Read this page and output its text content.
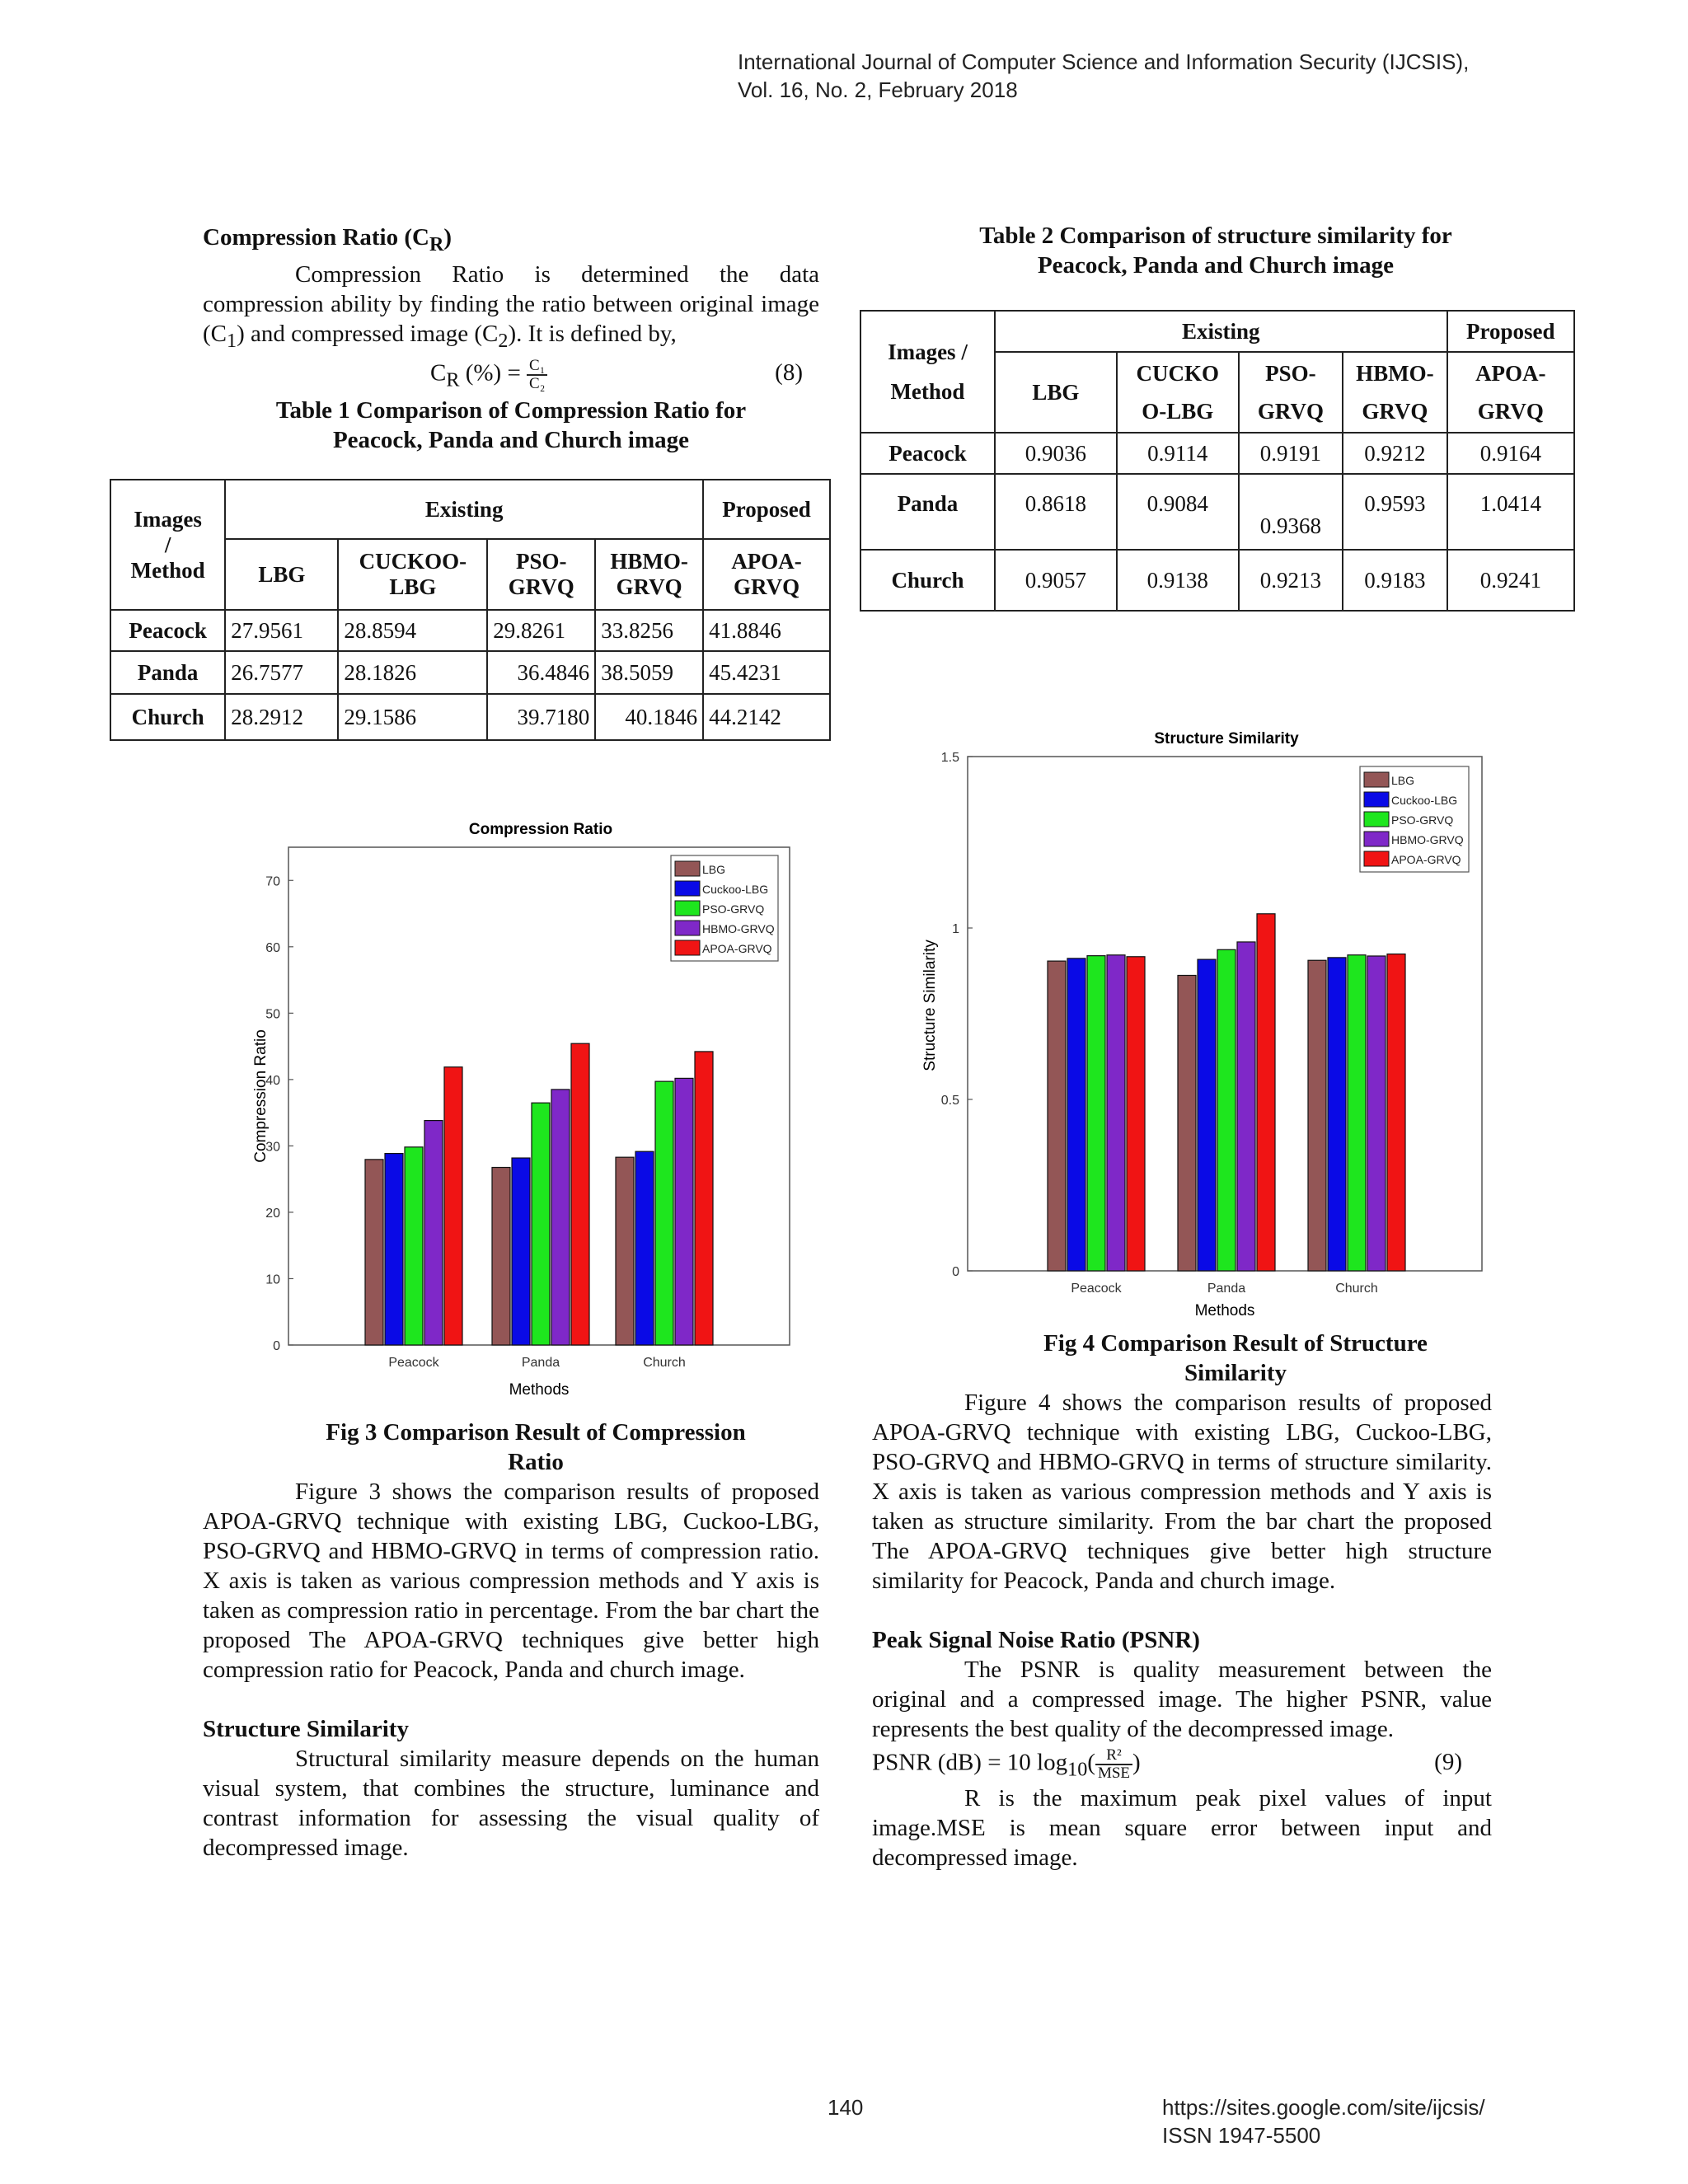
International Journal of Computer Science and Information Security (IJCSIS),
Vol. 16, No. 2, February 2018
Compression Ratio $(C_R)$

Compression Ratio is determined the data compression ability by finding the ratio between original image $(C_1)$ and compressed image $(C_2)$. It is defined by,

$C_R$ (%) = $\frac{\text{C₁}}{\text{C₂}}$	(8)
Table 1 Comparison of Compression Ratio for
Peacock, Panda and Church image
Images
/
Method	Existing				Proposed
	LBG	CUCKOO-LBG	PSO-GRVQ	HBMO-GRVQ	APOA-GRVQ
Peacock	27.9561	28.8594	29.8261	33.8256	41.8846
Panda	26.7577	28.1826	36.4846	38.5059	45.4231
Church	28.2912	29.1586	39.7180	40.1846	44.2142
Compression Ratio
0
10
20
30
40
50
60
70
Peacock	Panda	Church
LBG
Cuckoo-LBG
PSO-GRVQ
HBMO-GRVQ
APOA-GRVQ
Methods
Compression Ratio
Fig 3 Comparison Result of Compression
Ratio

Figure 3 shows the comparison results of proposed APOA-GRVQ technique with existing LBG, Cuckoo-LBG, PSO-GRVQ and HBMO-GRVQ in terms of compression ratio. X axis is taken as various compression methods and Y axis is taken as compression ratio in percentage. From the bar chart the proposed The APOA-GRVQ techniques give better high compression ratio for Peacock, Panda and church image.

Structure Similarity

Structural similarity measure depends on the human visual system, that combines the structure, luminance and contrast information for assessing the visual quality of decompressed image.

Table 2 Comparison of structure similarity for
Peacock, Panda and Church image
Images /
Method	Existing				Proposed
	LBG	CUCKO O-LBG	PSO-GRVQ	HBMO-GRVQ	APOA-GRVQ
Peacock	0.9036	0.9114	0.9191	0.9212	0.9164
Panda	0.8618	0.9084	0.9368	0.9593	1.0414
Church	0.9057	0.9138	0.9213	0.9183	0.9241
Structure Similarity
0
0.5
1
1.5
Peacock	Panda	Church
LBG
Cuckoo-LBG
PSO-GRVQ
HBMO-GRVQ
APOA-GRVQ
Methods
Structure Similarity
Fig 4 Comparison Result of Structure
Similarity

Figure 4 shows the comparison results of proposed APOA-GRVQ technique with existing LBG, Cuckoo-LBG, PSO-GRVQ and HBMO-GRVQ in terms of structure similarity. X axis is taken as various compression methods and Y axis is taken as structure similarity. From the bar chart the proposed The APOA-GRVQ techniques give better high structure similarity for Peacock, Panda and church image.

Peak Signal Noise Ratio (PSNR)

The PSNR is quality measurement between the original and a compressed image. The higher PSNR, value represents the best quality of the decompressed image.

PSNR (dB) = 10 $\log_{10}( \frac{\text{R²}}{\text{MSE}}$ )	(9)

R is the maximum peak pixel values of input image.MSE is mean square error between input and decompressed image.

140	https://sites.google.com/site/ijcsis/
ISSN 1947-5500
